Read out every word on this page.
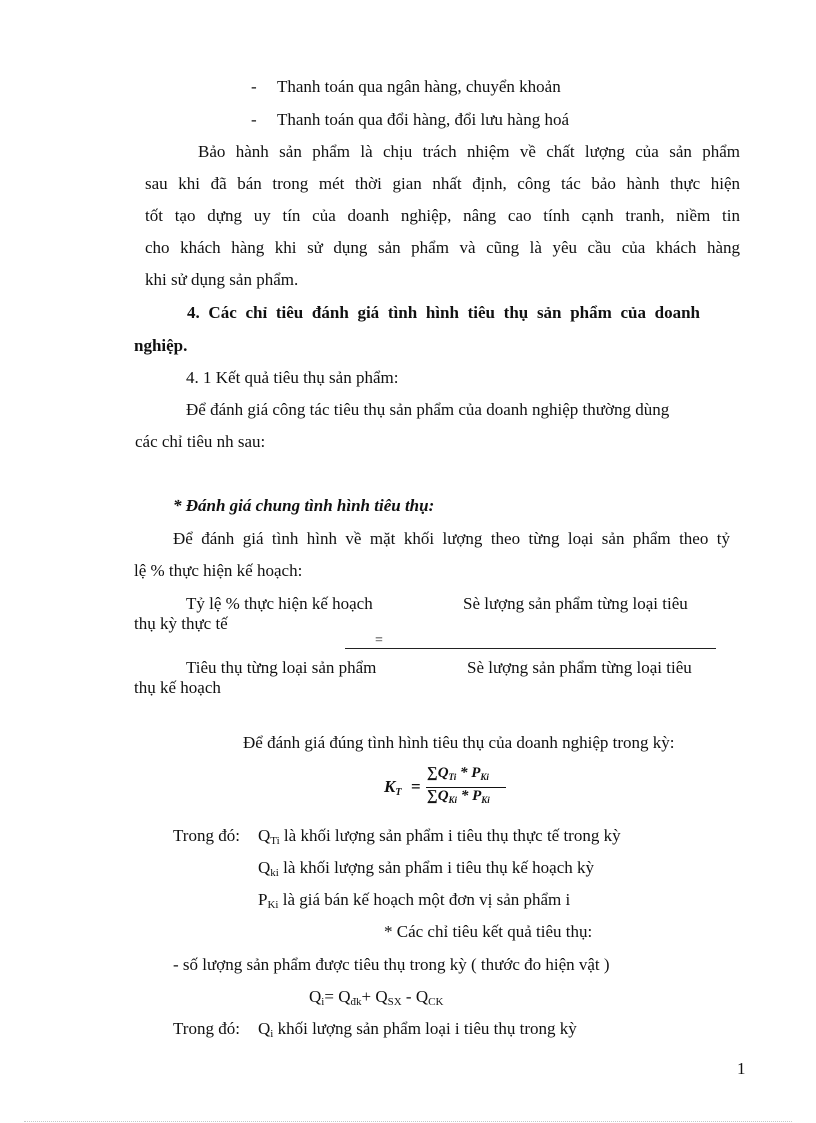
- Thanh toán qua ngân hàng, chuyển khoản
- Thanh toán qua đổi hàng, đổi lưu hàng hoá
Bảo hành sản phẩm là chịu trách nhiệm về chất lượng của sản phẩm
sau khi đã bán trong mét thời gian nhất định, công tác bảo hành thực hiện
tốt tạo dựng uy tín của doanh nghiệp, nâng cao tính cạnh tranh, niềm tin
cho khách hàng khi sử dụng sản phẩm và cũng là yêu cầu của khách hàng
khi sử dụng sản phẩm.
4. Các chỉ tiêu đánh giá tình hình tiêu thụ sản phẩm của doanh
nghiệp.
4. 1 Kết quả tiêu thụ sản phẩm:
Để đánh giá công tác tiêu thụ sản phẩm của doanh nghiệp thường dùng
các chỉ tiêu nh sau:
* Đánh giá chung tình hình tiêu thụ:
Để đánh giá tình hình về mặt khối lượng theo từng loại sản phẩm theo tỷ
lệ % thực hiện kế hoạch:
Tỷ lệ % thực hiện kế hoạch	Sè lượng sản phẩm từng loại tiêu
thụ kỳ thực tế
=
Tiêu thụ từng loại sản phẩm	Sè lượng sản phẩm từng loại tiêu
thụ kế hoạch
Để đánh giá đúng tình hình tiêu thụ của doanh nghiệp trong kỳ:
KT =
$\sum Q_{Ti} * P_{Ki}$
$\sum Q_{Ki} * P_{Ki}$
Trong đó: $Q_{Ti}$ là khối lượng sản phẩm i tiêu thụ thực tế trong kỳ
$Q_{ki}$ là khối lượng sản phẩm i tiêu thụ kế hoạch kỳ
$P_{Ki}$ là giá bán kế hoạch một đơn vị sản phẩm i
* Các chỉ tiêu kết quả tiêu thụ:
- số lượng sản phẩm được tiêu thụ trong kỳ ( thước đo hiện vật )
$Q_i= Q_{đk}+ Q_{SX} - Q_{CK}$
Trong đó: $Q_i$ khối lượng sản phẩm loại i tiêu thụ trong kỳ
1
